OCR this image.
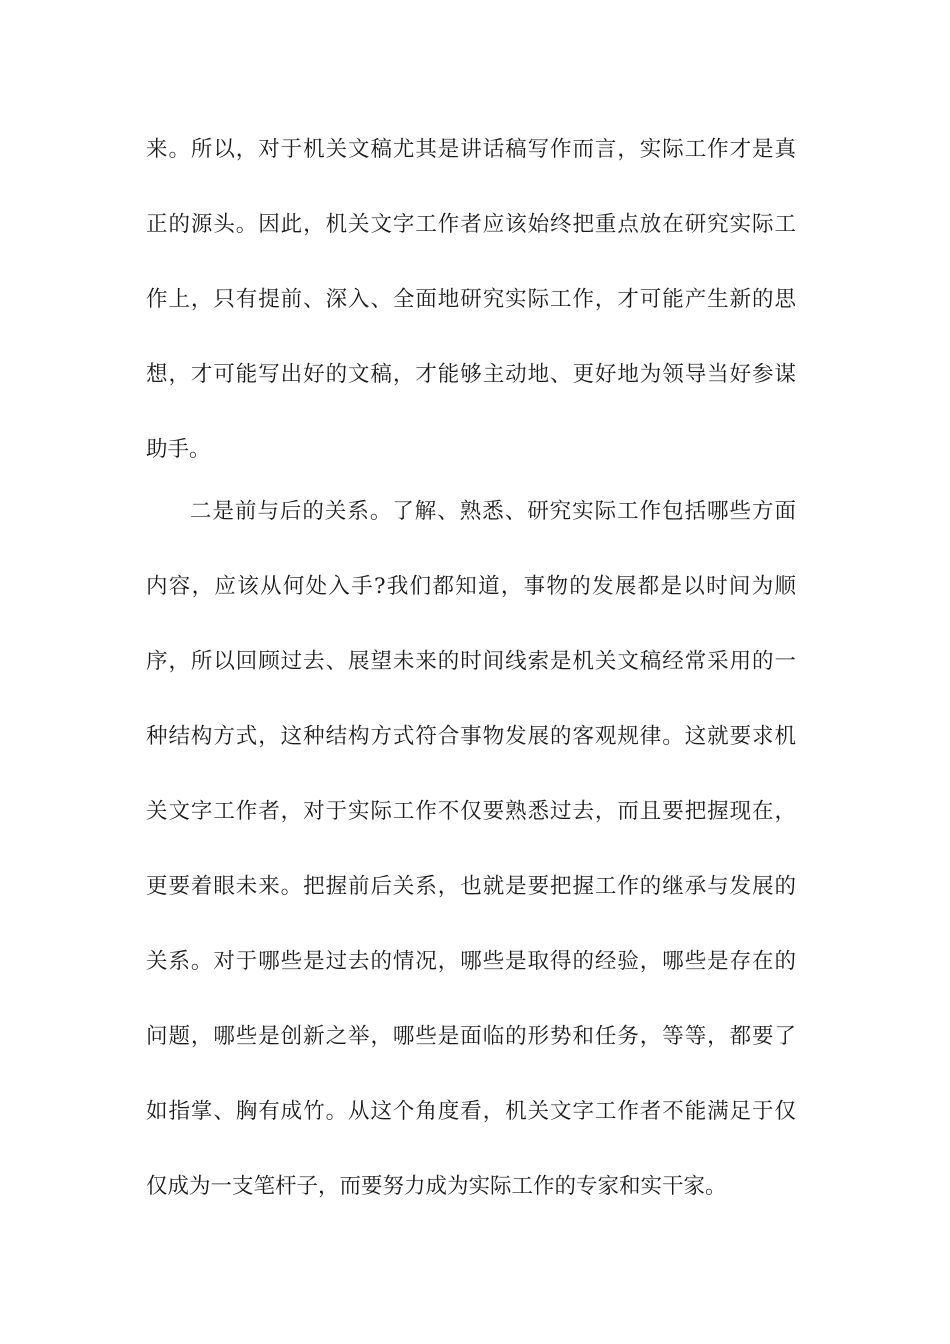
来。所以，对于机关文稿尤其是讲话稿写作而言，实际工作才是真
正的源头。因此，机关文字工作者应该始终把重点放在研究实际工
作上，只有提前、深入、全面地研究实际工作，才可能产生新的思
想，才可能写出好的文稿，才能够主动地、更好地为领导当好参谋
助手。
二是前与后的关系。了解、熟悉、研究实际工作包括哪些方面
内容，应该从何处入手?我们都知道，事物的发展都是以时间为顺
序，所以回顾过去、展望未来的时间线索是机关文稿经常采用的一
种结构方式，这种结构方式符合事物发展的客观规律。这就要求机
关文字工作者，对于实际工作不仅要熟悉过去，而且要把握现在，
更要着眼未来。把握前后关系，也就是要把握工作的继承与发展的
关系。对于哪些是过去的情况，哪些是取得的经验，哪些是存在的
问题，哪些是创新之举，哪些是面临的形势和任务，等等，都要了
如指掌、胸有成竹。从这个角度看，机关文字工作者不能满足于仅
仅成为一支笔杆子，而要努力成为实际工作的专家和实干家。
